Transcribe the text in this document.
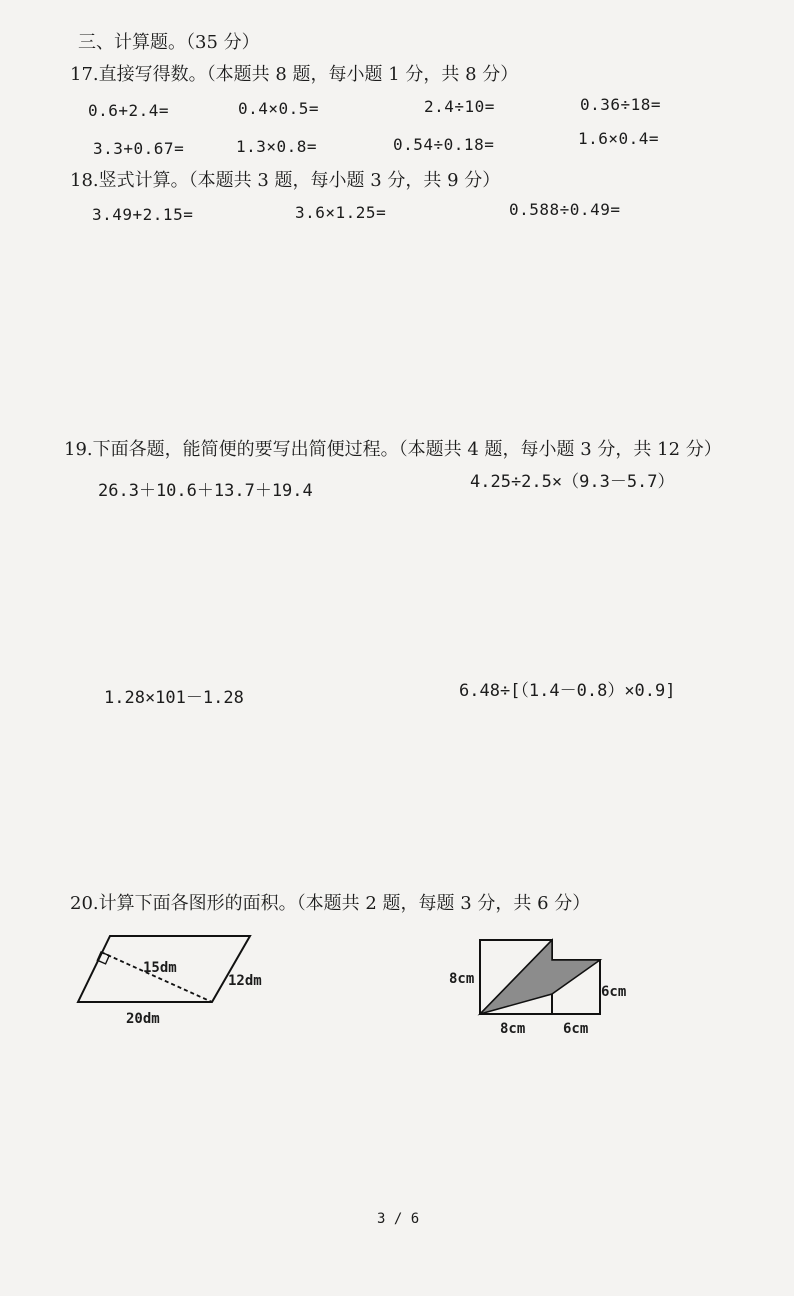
三、计算题。（35 分）
17.直接写得数。（本题共 8 题，每小题 1 分，共 8 分）
0.6+2.4=	0.4×0.5=	2.4÷10=	0.36÷18=
3.3+0.67=	1.3×0.8=	0.54÷0.18=	1.6×0.4=
18.竖式计算。（本题共 3 题，每小题 3 分，共 9 分）
3.49+2.15=	3.6×1.25=	0.588÷0.49=
19.下面各题，能简便的要写出简便过程。（本题共 4 题，每小题 3 分，共 12 分）
26.3＋10.6＋13.7＋19.4	4.25÷2.5×（9.3－5.7）
1.28×101－1.28	6.48÷[（1.4－0.8）×0.9]
20.计算下面各图形的面积。（本题共 2 题，每题 3 分，共 6 分）
15dm
12dm
20dm
8cm
6cm
8cm	6cm
3 / 6
